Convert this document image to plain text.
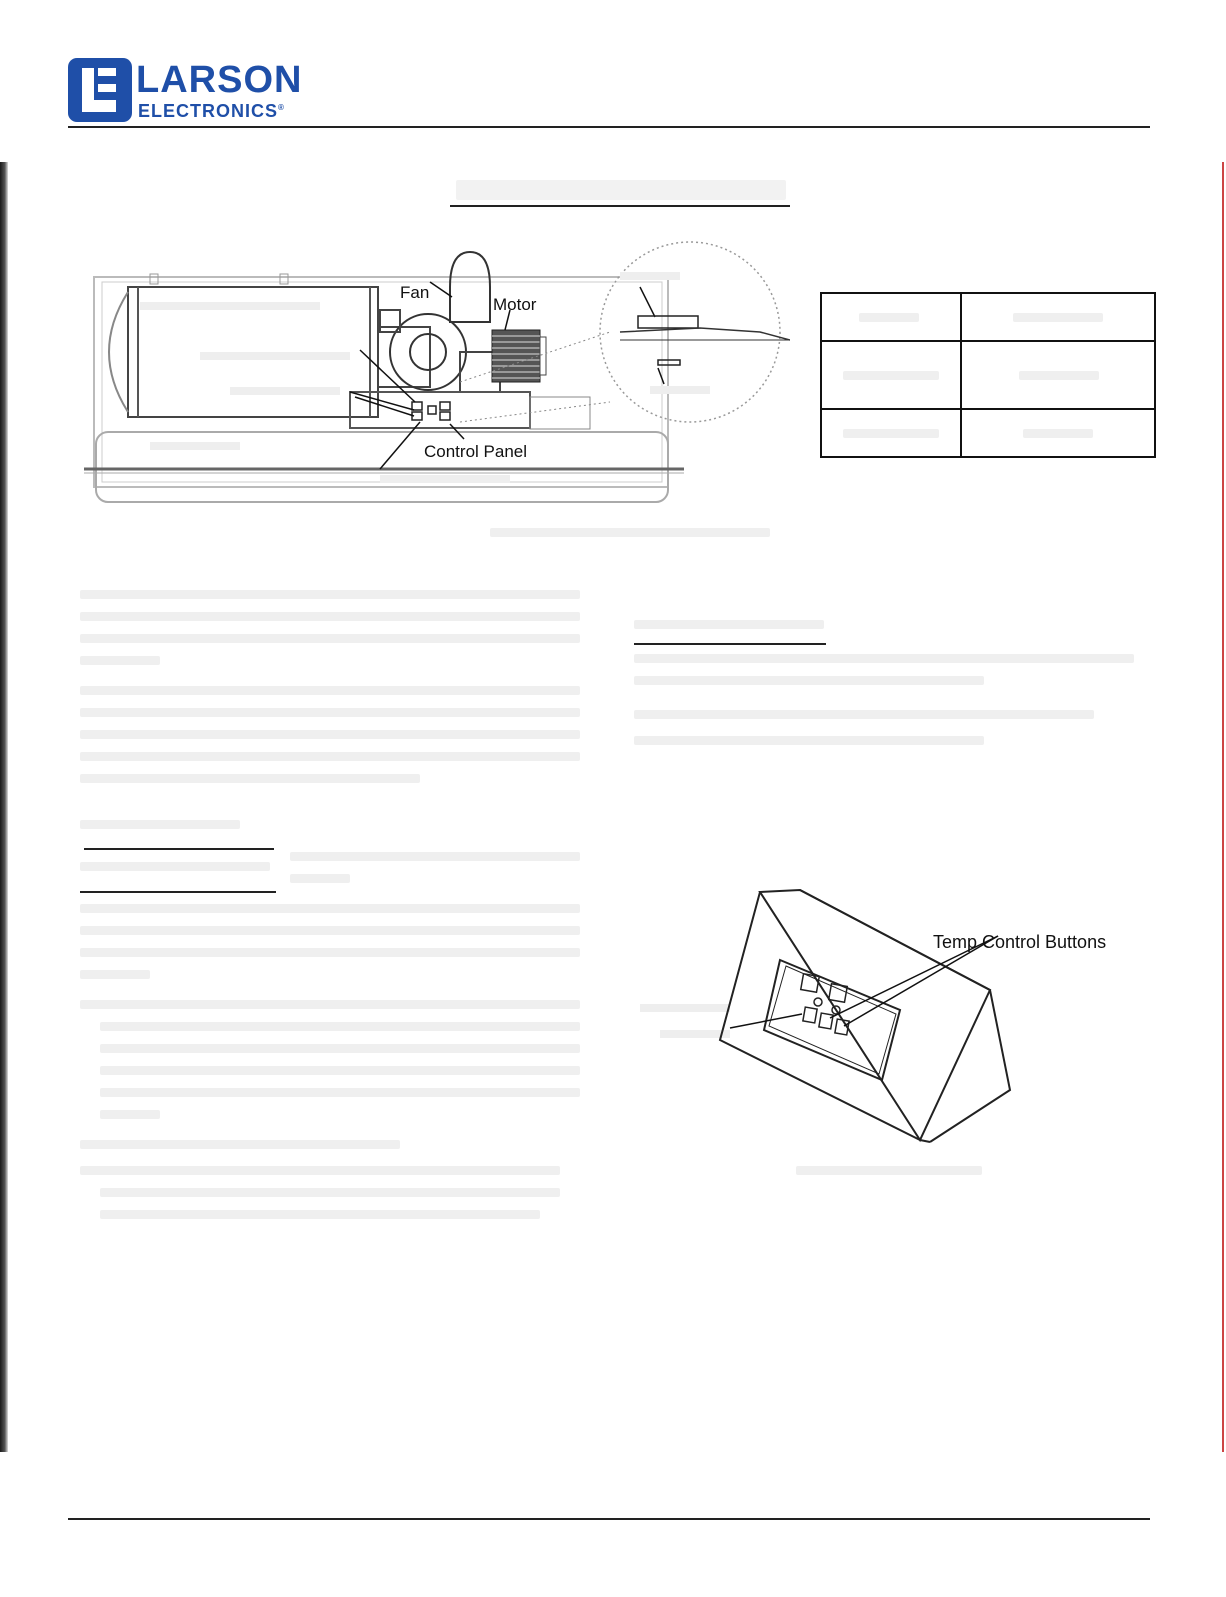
LARSON
ELECTRONICS®
Fan
Motor
Control Panel

Temp Control Buttons
